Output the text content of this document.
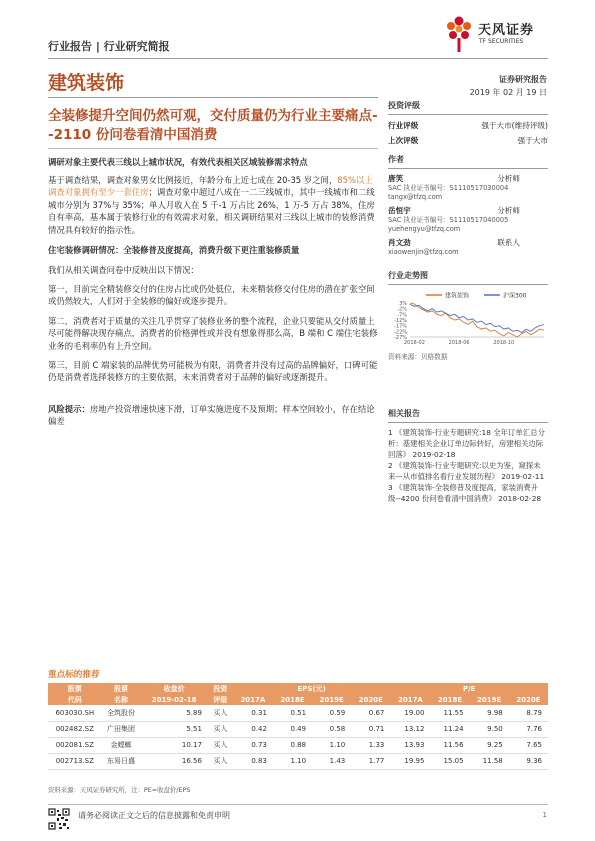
行业报告 | 行业研究简报
天风证券
TF SECURITIES
建筑装饰	证券研究报告
2019 年 02 月 19 日
全装修提升空间仍然可观，交付质量仍为行业主要痛点--2110 份问卷看清中国消费
调研对象主要代表三线以上城市状况，有效代表相关区域装修需求特点
基于调查结果，调查对象男女比例接近，年龄分布上近七成在 20-35 岁之间，85%以上调查对象拥有至少一套住房；调查对象中超过八成在一二三线城市，其中一线城市和二线城市分别为 37%与 35%；单人月收入在 5 千-1 万占比 26%，1 万-5 万占 38%，住房自有率高，基本属于装修行业的有效需求对象，相关调研结果对三线以上城市的装修消费情况具有较好的指示性。
住宅装修调研情况：全装修普及度提高，消费升级下更注重装修质量
我们从相关调查问卷中反映出以下情况：
第一，目前完全精装修交付的住房占比或仍处低位，未来精装修交付住房的潜在扩张空间或仍然较大，人们对于全装修的偏好或逐步提升。
第二，消费者对于质量的关注几乎贯穿了装修业务的整个流程，企业只要能从交付质量上尽可能得解决现存痛点，消费者的价格弹性或并没有想象得那么高，B 端和 C 端住宅装修业务的毛利率仍有上升空间。
第三，目前 C 端家装的品牌优势可能极为有限，消费者并没有过高的品牌偏好，口碑可能仍是消费者选择装修方的主要依据，未来消费者对于品牌的偏好或逐渐提升。
风险提示：房地产投资增速快速下滑，订单实施进度不及预期；样本空间较小，存在结论偏差
投资评级
行业评级	强于大市(维持评级)
上次评级	强于大市
作者
唐笑	分析师
SAC 执业证书编号：S1110517030004
tangx@tfzq.com
岳恒宇	分析师
SAC 执业证书编号：S1110517040005
yuehengyu@tfzq.com
肖文劲	联系人
xiaowenjin@tfzq.com
行业走势图
建筑装饰	沪深300
3%
-2%
-7%
-12%
-17%
-22%
-27%
2018-02	2018-06	2018-10
资料来源：贝格数据
相关报告
1 《建筑装饰-行业专题研究:18 全年订单汇总分析：基建相关企业订单边际转好，房建相关边际回落》 2019-02-18
2 《建筑装饰-行业专题研究:以史为鉴，窥探未来—从市值排名看行业发展历程》 2019-02-11
3 《建筑装饰-全装修普及度提高，家装消费升级--4200 份问卷看清中国消费》 2018-02-28
重点标的推荐
股票	股票	收盘价	投资	EPS(元)				P/E			
代码	名称	2019-02-18	评级	2017A	2018E	2019E	2020E	2017A	2018E	2019E	2020E
603030.SH	全筑股份	5.89	买入	0.31	0.51	0.59	0.67	19.00	11.55	9.98	8.79
002482.SZ	广田集团	5.51	买入	0.42	0.49	0.58	0.71	13.12	11.24	9.50	7.76
002081.SZ	金螳螂	10.17	买入	0.73	0.88	1.10	1.33	13.93	11.56	9.25	7.65
002713.SZ	东易日盛	16.56	买入	0.83	1.10	1.43	1.77	19.95	15.05	11.58	9.36
资料来源：天风证券研究所，注：PE=收盘价/EPS
请务必阅读正文之后的信息披露和免责申明	1
